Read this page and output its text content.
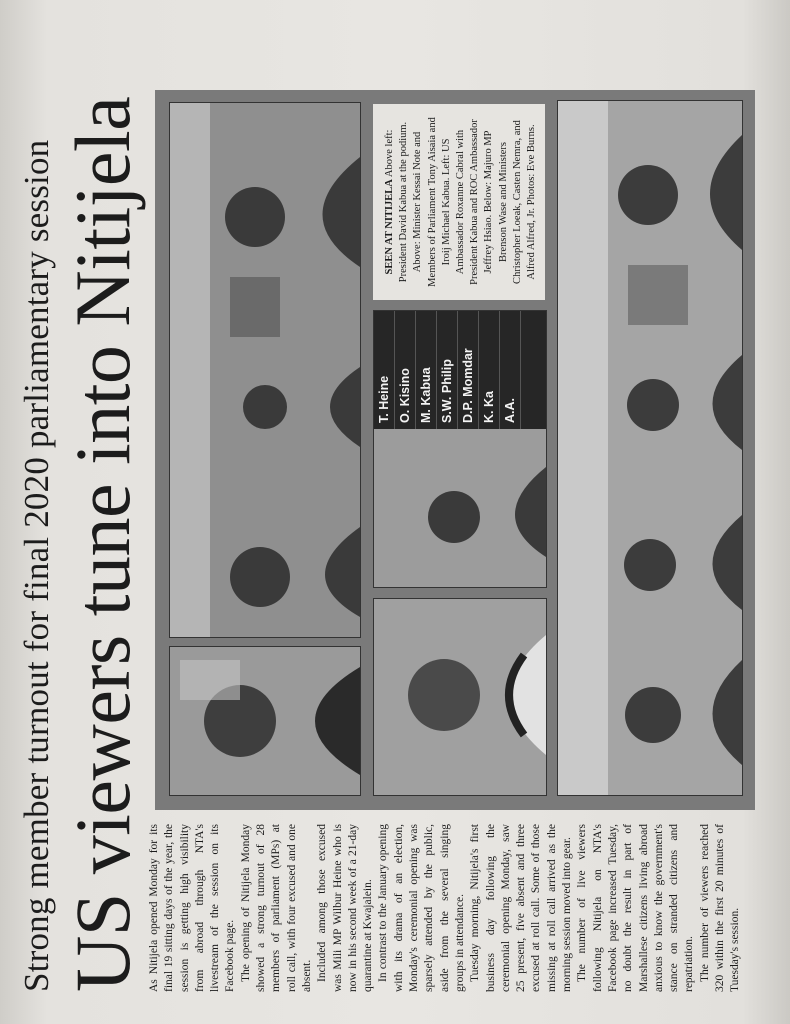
Strong member turnout for final 2020 parliamentary session US viewers tune into Nitijela As Nitijela opened Monday for its final 19 sitting days of the year, the session is getting high visibility from abroad through NTA's livestream of the session on its Facebook page. The opening of Nitijela Monday showed a strong turnout of 28 members of parliament (MPs) at roll call, with four excused and one absent. Included among those excused was Mili MP Wilbur Heine who is now in his second week of a 21-day quarantine at Kwajalein. In contrast to the January opening with its drama of an election, Monday's ceremonial opening was sparsely attended by the public, aside from the several singing groups in attendance. Tuesday morning, Nitijela's first business day following the ceremonial opening Monday, saw 25 present, five absent and three excused at roll call. Some of those missing at roll call arrived as the morning session moved into gear. The number of live viewers following Nitijela on NTA's Facebook page increased Tuesday, no doubt the result in part of Marshallese citizens living abroad anxious to know the government's stance on stranded citizens and repatriation. The number of viewers reached 320 within the first 20 minutes of Tuesday's session.

T. Heine O. Kisino M. Kabua S.W. Philip D.P. Momdar K. Ka A.A.
SEEN AT NITIJELA Above left: President David Kabua at the podium. Above: Minister Kessai Note and Members of Parliament Tony Aisaia and Iroij Michael Kabua. Left: US Ambassador Roxanne Cabral with President Kabua and ROC Ambassador Jeffrey Hsiao. Below: Majuro MP Brenson Wase and Ministers Christopher Loeak, Casten Nemra, and Alfred Alfred, Jr. Photos: Eve Burns.
